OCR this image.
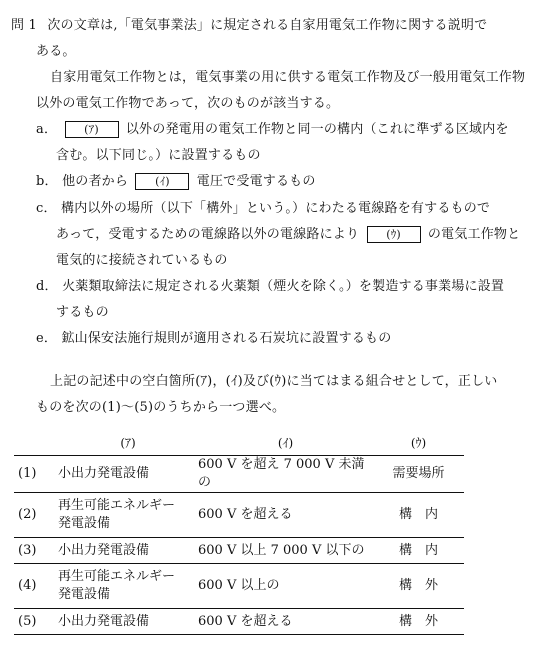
問 1 次の文章は,「電気事業法」に規定される自家用電気工作物に関する説明で
ある。
自家用電気工作物とは，電気事業の用に供する電気工作物及び一般用電気工作物
以外の電気工作物であって，次のものが該当する。
a． (ｱ) 以外の発電用の電気工作物と同一の構内（これに準ずる区域内を
含む。以下同じ。）に設置するもの
b． 他の者から (ｲ) 電圧で受電するもの
c． 構内以外の場所（以下「構外」という。）にわたる電線路を有するもので
あって，受電するための電線路以外の電線路により (ｳ) の電気工作物と
電気的に接続されているもの
d． 火薬類取締法に規定される火薬類（煙火を除く。）を製造する事業場に設置
するもの
e． 鉱山保安法施行規則が適用される石炭坑に設置するもの
上記の記述中の空白箇所(ｱ)，(ｲ)及び(ｳ)に当てはまる組合せとして，正しい
ものを次の(1)～(5)のうちから一つ選べ。
	(ｱ)	(ｲ)	(ｳ)
(1)	小出力発電設備	600 V を超え 7 000 V 未満の	需要場所
(2)	再生可能エネルギー
発電設備	600 V を超える	構　内
(3)	小出力発電設備	600 V 以上 7 000 V 以下の	構　内
(4)	再生可能エネルギー
発電設備	600 V 以上の	構　外
(5)	小出力発電設備	600 V を超える	構　外
